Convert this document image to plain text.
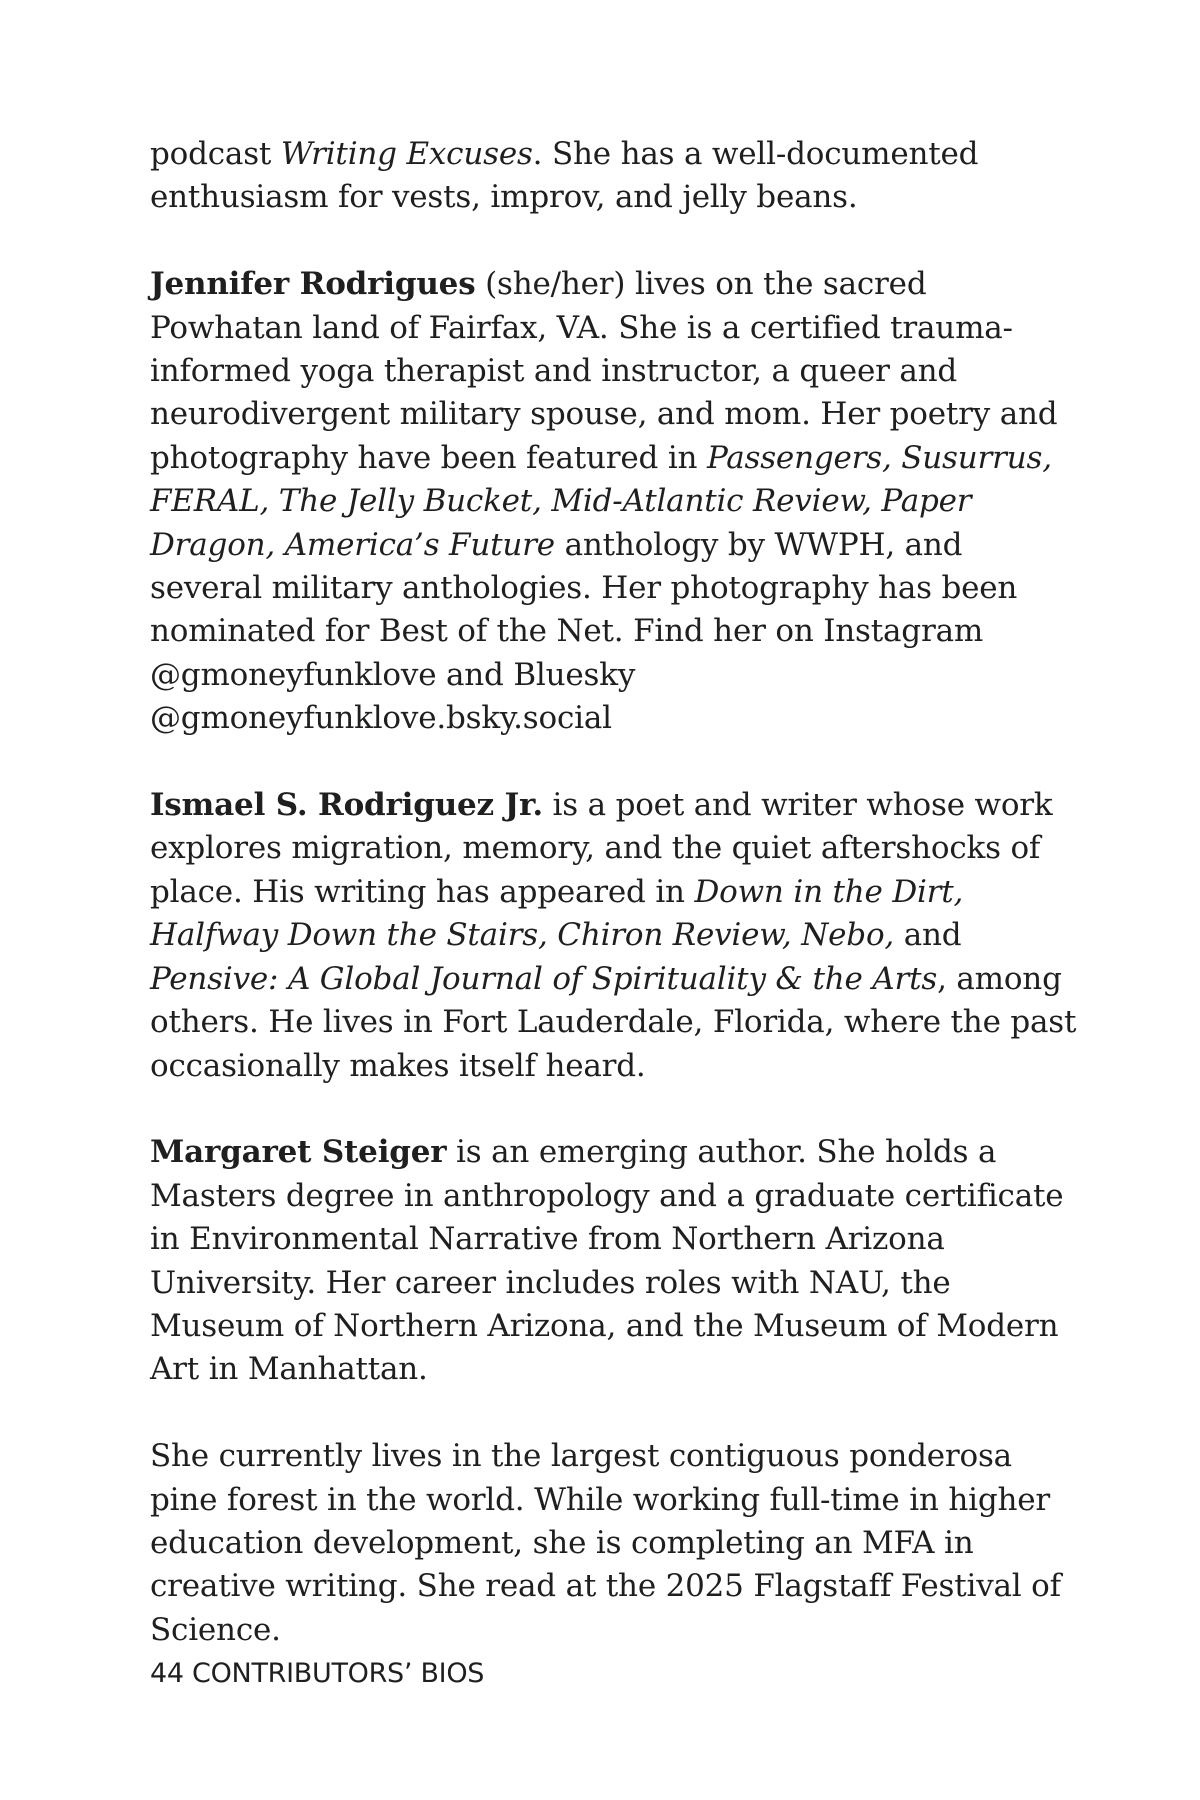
podcast Writing Excuses. She has a well-documented enthusiasm for vests, improv, and jelly beans.

Jennifer Rodrigues (she/her) lives on the sacred Powhatan land of Fairfax, VA. She is a certified trauma-informed yoga therapist and instructor, a queer and neurodivergent military spouse, and mom. Her poetry and photography have been featured in Passengers, Susurrus, FERAL, The Jelly Bucket, Mid-Atlantic Review, Paper Dragon, America’s Future anthology by WWPH, and several military anthologies. Her photography has been nominated for Best of the Net. Find her on Instagram @gmoneyfunklove and Bluesky @gmoneyfunklove.bsky.social

Ismael S. Rodriguez Jr. is a poet and writer whose work explores migration, memory, and the quiet aftershocks of place. His writing has appeared in Down in the Dirt, Halfway Down the Stairs, Chiron Review, Nebo, and Pensive: A Global Journal of Spirituality & the Arts, among others. He lives in Fort Lauderdale, Florida, where the past occasionally makes itself heard.

Margaret Steiger is an emerging author. She holds a Masters degree in anthropology and a graduate certificate in Environmental Narrative from Northern Arizona University. Her career includes roles with NAU, the Museum of Northern Arizona, and the Museum of Modern Art in Manhattan.

She currently lives in the largest contiguous ponderosa pine forest in the world. While working full-time in higher education development, she is completing an MFA in creative writing. She read at the 2025 Flagstaff Festival of Science.

44 CONTRIBUTORS’ BIOS
